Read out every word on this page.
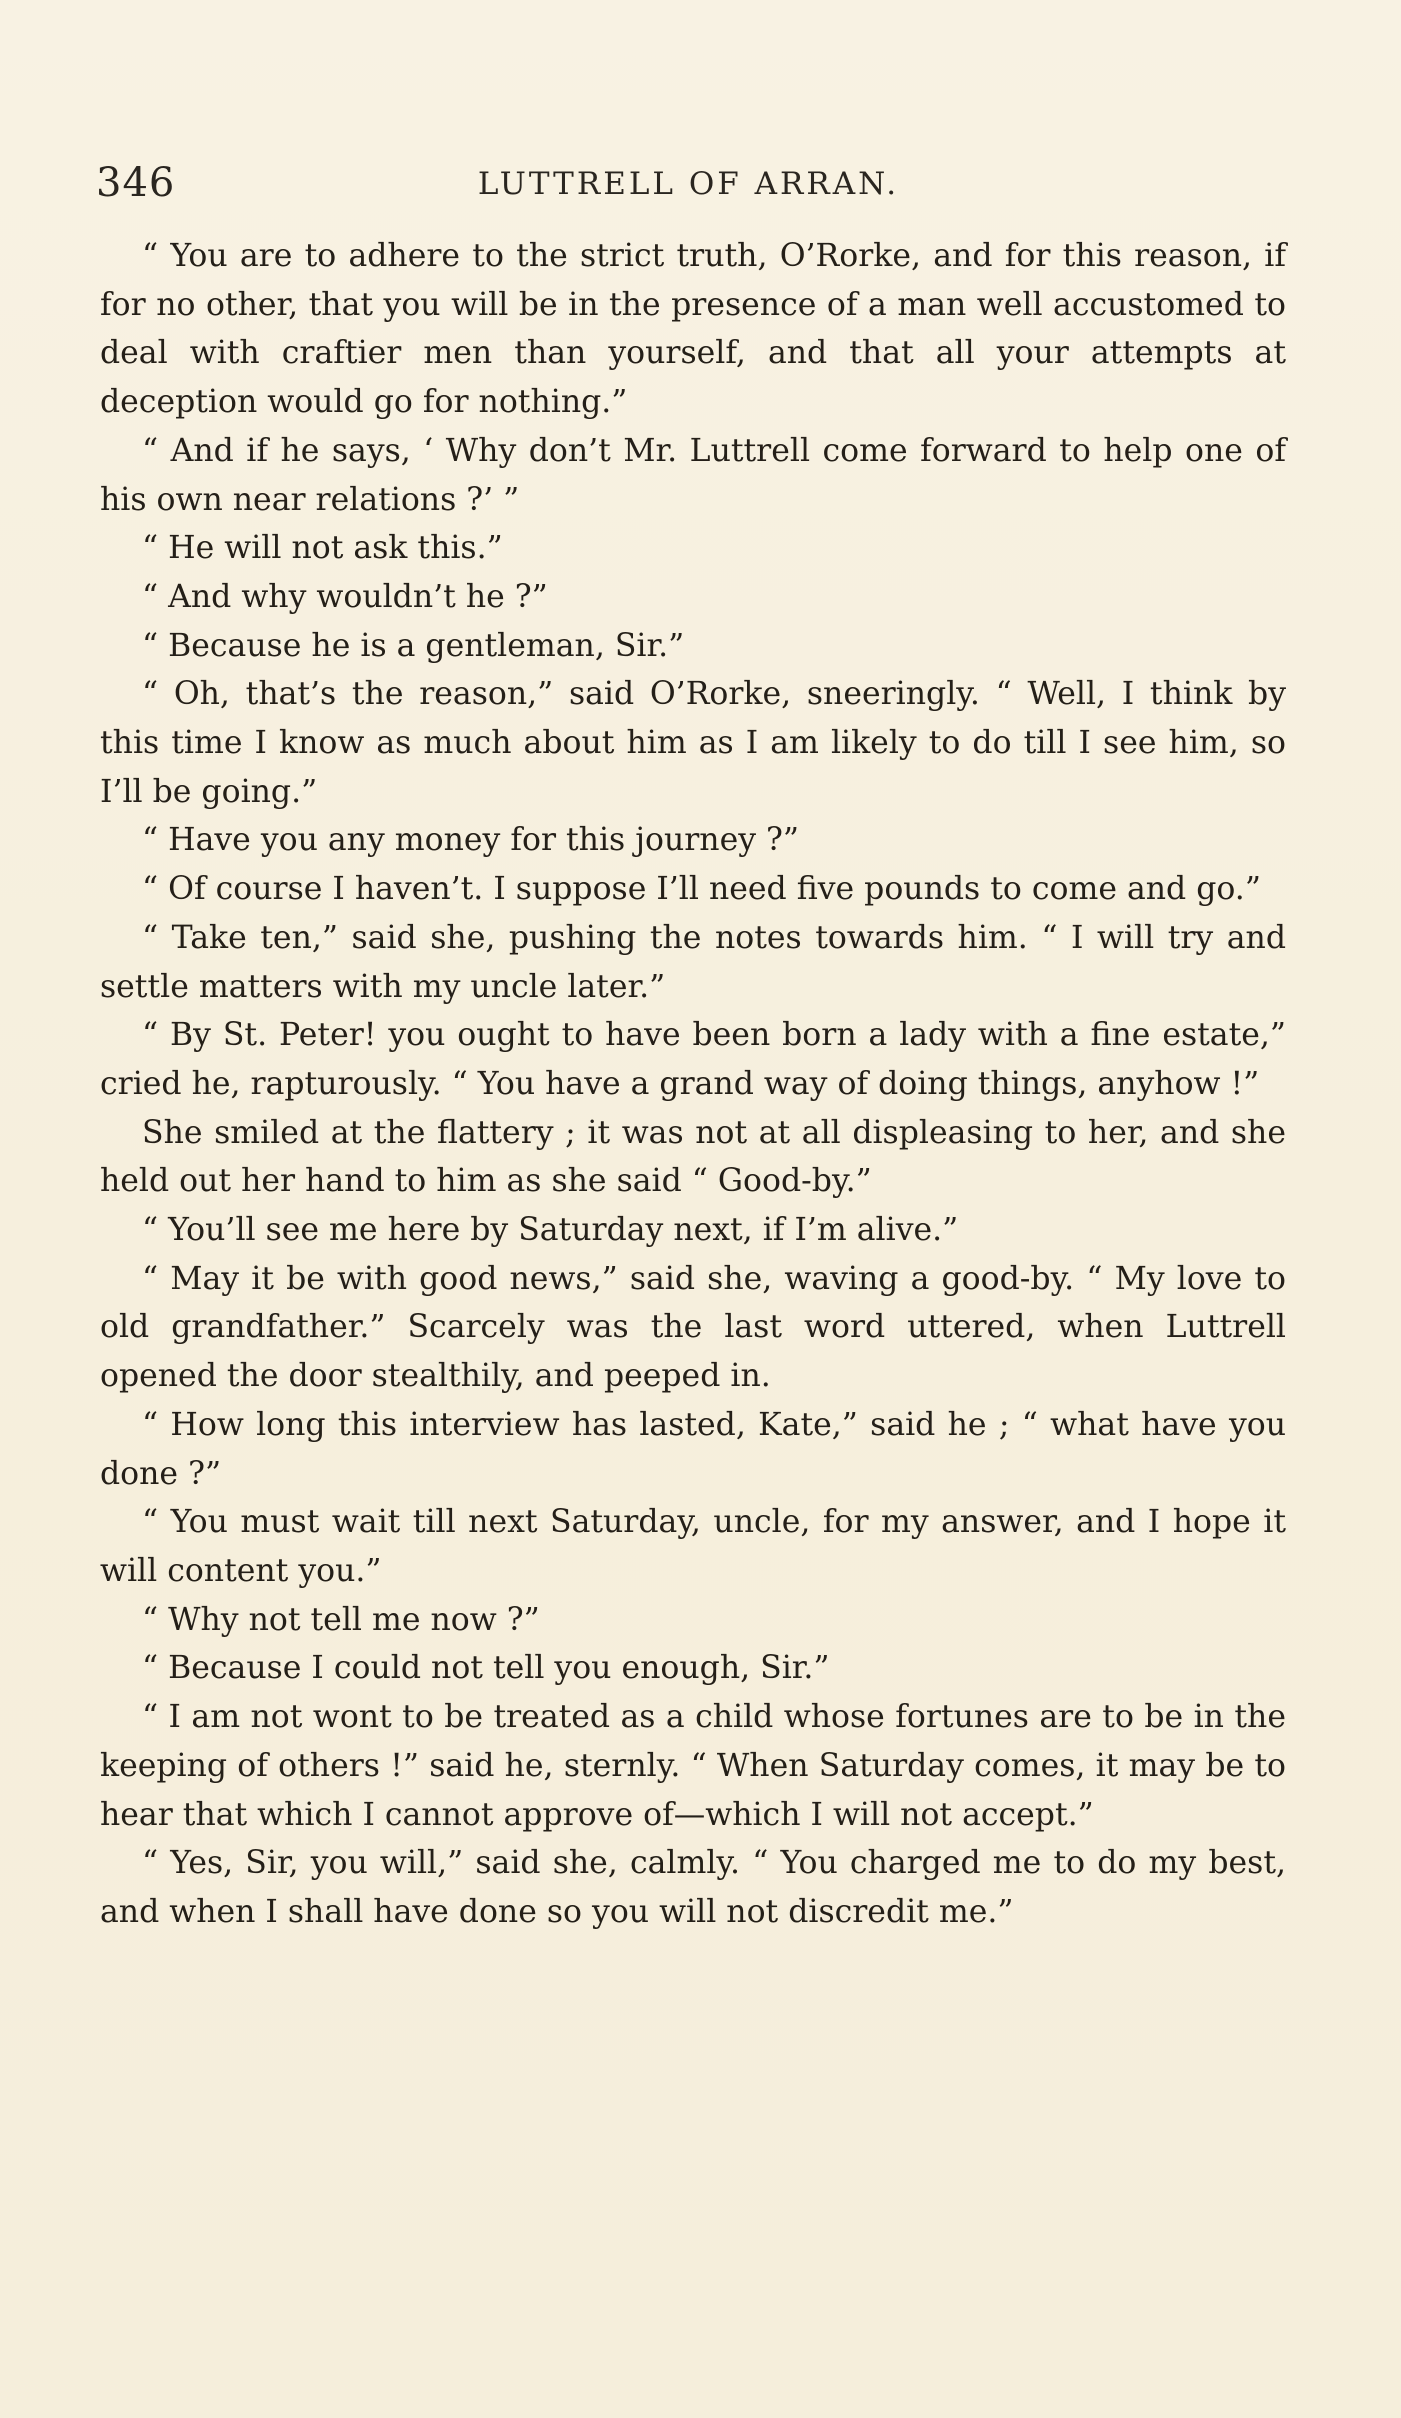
346	LUTTRELL OF ARRAN.

“ You are to adhere to the strict truth, O’Rorke, and for this reason, if for no other, that you will be in the presence of a man well accustomed to deal with craftier men than yourself, and that all your attempts at deception would go for nothing.”

“ And if he says, ‘ Why don’t Mr. Luttrell come forward to help one of his own near relations ?’ ”

“ He will not ask this.”

“ And why wouldn’t he ?”

“ Because he is a gentleman, Sir.”

“ Oh, that’s the reason,” said O’Rorke, sneeringly. “ Well, I think by this time I know as much about him as I am likely to do till I see him, so I’ll be going.”

“ Have you any money for this journey ?”

“ Of course I haven’t. I suppose I’ll need five pounds to come and go.”

“ Take ten,” said she, pushing the notes towards him. “ I will try and settle matters with my uncle later.”

“ By St. Peter! you ought to have been born a lady with a fine estate,” cried he, rapturously. “ You have a grand way of doing things, anyhow !”

She smiled at the flattery ; it was not at all displeasing to her, and she held out her hand to him as she said “ Good-by.”

“ You’ll see me here by Saturday next, if I’m alive.”

“ May it be with good news,” said she, waving a good-by. “ My love to old grandfather.” Scarcely was the last word uttered, when Luttrell opened the door stealthily, and peeped in.

“ How long this interview has lasted, Kate,” said he ; “ what have you done ?”

“ You must wait till next Saturday, uncle, for my answer, and I hope it will content you.”

“ Why not tell me now ?”

“ Because I could not tell you enough, Sir.”

“ I am not wont to be treated as a child whose fortunes are to be in the keeping of others !” said he, sternly. “ When Saturday comes, it may be to hear that which I cannot approve of—which I will not accept.”

“ Yes, Sir, you will,” said she, calmly. “ You charged me to do my best, and when I shall have done so you will not discredit me.”
